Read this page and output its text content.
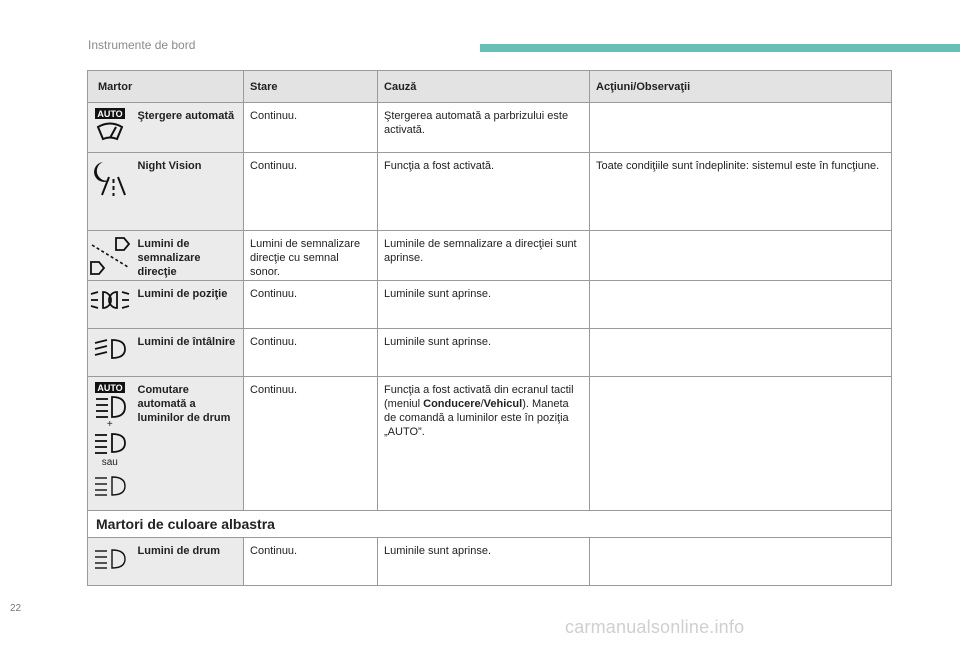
Instrumente de bord
Martor		Stare	Cauză	Acţiuni/Observaţii

AUTO	Ştergere automată	Continuu.	Ştergerea automată a parbrizului este activată.	

Night Vision	Continuu.	Funcţia a fost activată.	Toate condiţiile sunt îndeplinite: sistemul este în funcţiune.

Lumini de semnalizare direcţie	Lumini de semnalizare direcţie cu semnal sonor.	Luminile de semnalizare a direcţiei sunt aprinse.	

Lumini de poziţie	Continuu.	Luminile sunt aprinse.	

Lumini de întâlnire	Continuu.	Luminile sunt aprinse.	

AUTO
+
sau	Comutare automată a luminilor de drum	Continuu.	Funcţia a fost activată din ecranul tactil (meniul Conducere/Vehicul). Maneta de comandă a luminilor este în poziţia „AUTO”.	

Martori de culoare albastra				

Lumini de drum	Continuu.	Luminile sunt aprinse.	

22
carmanualsonline.info
